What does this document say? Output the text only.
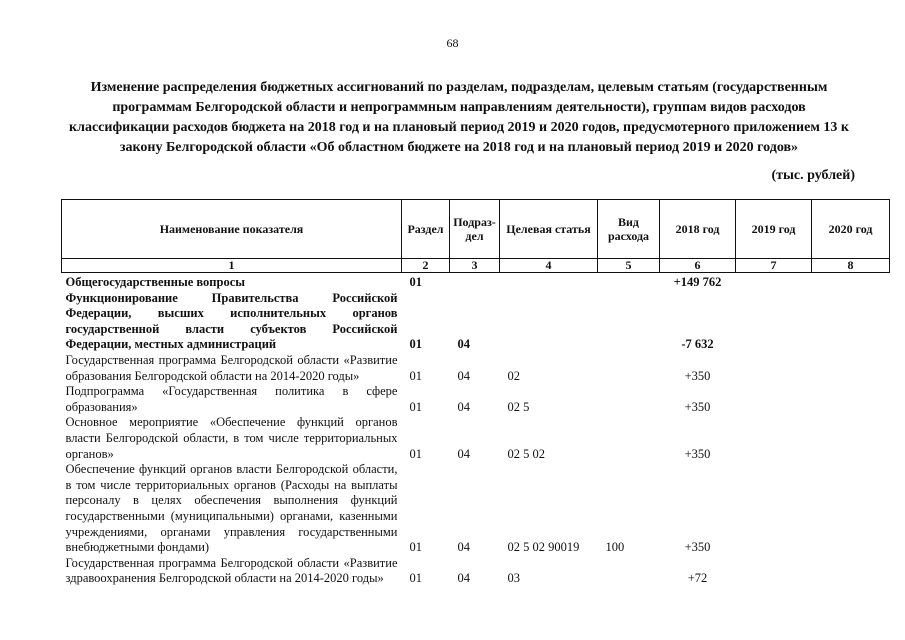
68
Изменение распределения бюджетных ассигнований по разделам, подразделам, целевым статьям (государственным программам Белгородской области и непрограммным направлениям деятельности), группам видов расходов классификации расходов бюджета на 2018 год и на плановый период 2019 и 2020 годов, предусмотерного приложением 13 к закону Белгородской области «Об областном бюджете на 2018 год и на плановый период 2019 и 2020 годов»
(тыс. рублей)
Наименование показателя	Раздел	Подраз-дел	Целевая статья	Вид расхода	2018 год	2019 год	2020 год
1	2	3	4	5	6	7	8
Общегосударственные вопросы	01				+149 762		
Функционирование Правительства Российской Федерации, высших исполнительных органов государственной власти субъектов Российской Федерации, местных администраций	01	04			-7 632		
Государственная программа Белгородской области «Развитие образования Белгородской области на 2014-2020 годы»	01	04	02		+350		
Подпрограмма «Государственная политика в сфере образования»	01	04	02 5		+350		
Основное мероприятие «Обеспечение функций органов власти Белгородской области, в том числе территориальных органов»	01	04	02 5 02		+350		
Обеспечение функций органов власти Белгородской области, в том числе территориальных органов (Расходы на выплаты персоналу в целях обеспечения выполнения функций государственными (муниципальными) органами, казенными учреждениями, органами управления государственными внебюджетными фондами)	01	04	02 5 02 90019	100	+350		
Государственная программа Белгородской области «Развитие здравоохранения Белгородской области на 2014-2020 годы»	01	04	03		+72		
